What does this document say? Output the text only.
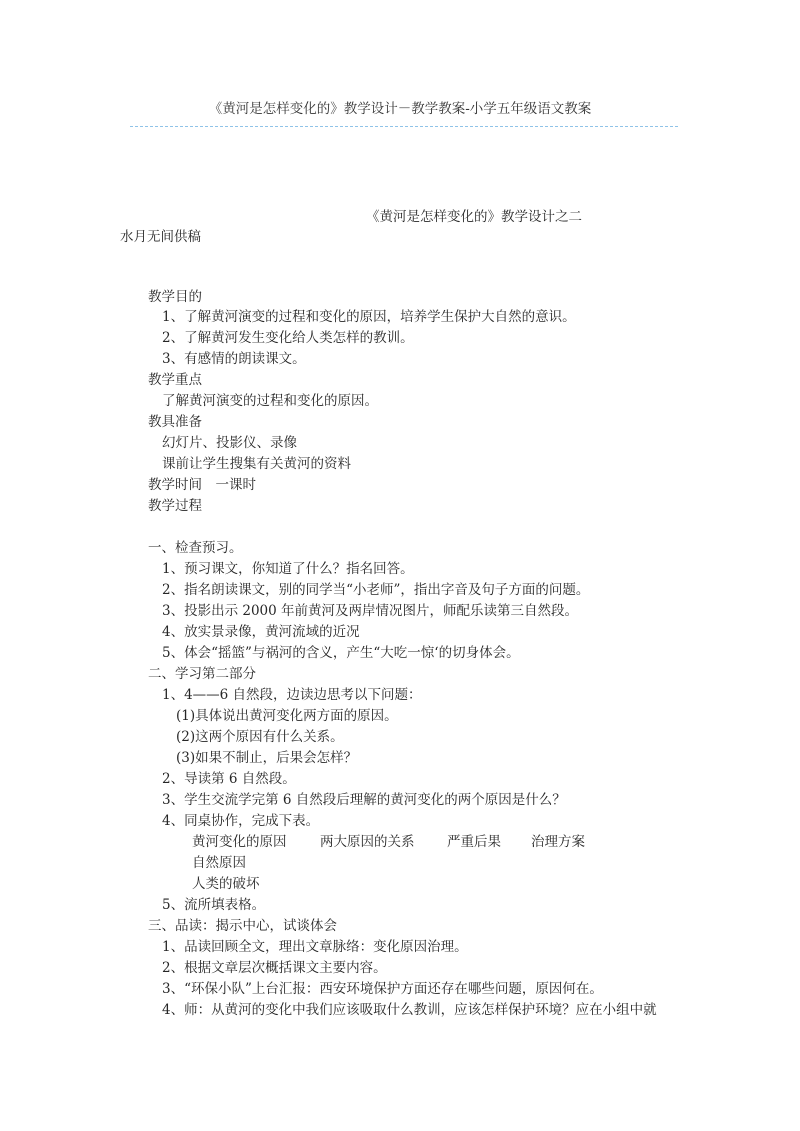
《黄河是怎样变化的》教学设计－教学教案-小学五年级语文教案
《黄河是怎样变化的》教学设计之二
水月无间供稿
教学目的
1、了解黄河演变的过程和变化的原因，培养学生保护大自然的意识。
2、了解黄河发生变化给人类怎样的教训。
3、有感情的朗读课文。
教学重点
了解黄河演变的过程和变化的原因。
教具准备
幻灯片、投影仪、录像
课前让学生搜集有关黄河的资料
教学时间　一课时
教学过程
一、检查预习。
1、预习课文，你知道了什么？指名回答。
2、指名朗读课文，别的同学当“小老师”，指出字音及句子方面的问题。
3、投影出示 2000 年前黄河及两岸情况图片，师配乐读第三自然段。
4、放实景录像，黄河流域的近况
5、体会“摇篮”与祸河的含义，产生“大吃一惊‘的切身体会。
二、学习第二部分
1、4——6 自然段，边读边思考以下问题：
(1)具体说出黄河变化两方面的原因。
(2)这两个原因有什么关系。
(3)如果不制止，后果会怎样？
2、导读第 6 自然段。
3、学生交流学完第 6 自然段后理解的黄河变化的两个原因是什么？
4、同桌协作，完成下表。
黄河变化的原因 两大原因的关系 严重后果 治理方案
自然原因
人类的破坏
5、流所填表格。
三、品读：揭示中心，试谈体会
1、品读回顾全文，理出文章脉络：变化原因治理。
2、根据文章层次概括课文主要内容。
3、“环保小队”上台汇报：西安环境保护方面还存在哪些问题，原因何在。
4、师：从黄河的变化中我们应该吸取什么教训，应该怎样保护环境？应在小组中就
